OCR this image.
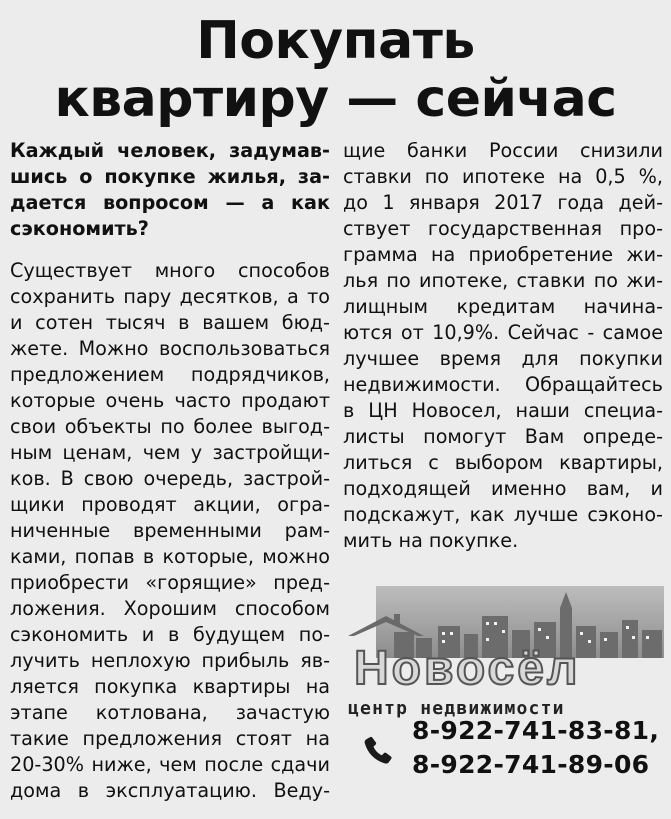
Покупать
квартиру — сейчас
Каждый человек, задумав-
шись о покупке жилья, за-
дается вопросом — а как
сэкономить?
Существует много способов
сохранить пару десятков, а то
и сотен тысяч в вашем бюд-
жете. Можно воспользоваться
предложением подрядчиков,
которые очень часто продают
свои объекты по более выгод-
ным ценам, чем у застройщи-
ков. В свою очередь, застрой-
щики проводят акции, огра-
ниченные временными рам-
ками, попав в которые, можно
приобрести «горящие» пред-
ложения. Хорошим способом
сэкономить и в будущем по-
лучить неплохую прибыль яв-
ляется покупка квартиры на
этапе котлована, зачастую
такие предложения стоят на
20-30% ниже, чем после сдачи
дома в эксплуатацию. Веду-
щие банки России снизили
ставки по ипотеке на 0,5 %,
до 1 января 2017 года дей-
ствует государственная про-
грамма на приобретение жи-
лья по ипотеке, ставки по жи-
лищным кредитам начина-
ются от 10,9%. Сейчас - самое
лучшее время для покупки
недвижимости. Обращайтесь
в ЦН Новосел, наши специа-
листы помогут Вам опреде-
литься с выбором квартиры,
подходящей именно вам, и
подскажут, как лучше сэконо-
мить на покупке.
Новосёл
центр недвижимости
8-922-741-83-81,
8-922-741-89-06
